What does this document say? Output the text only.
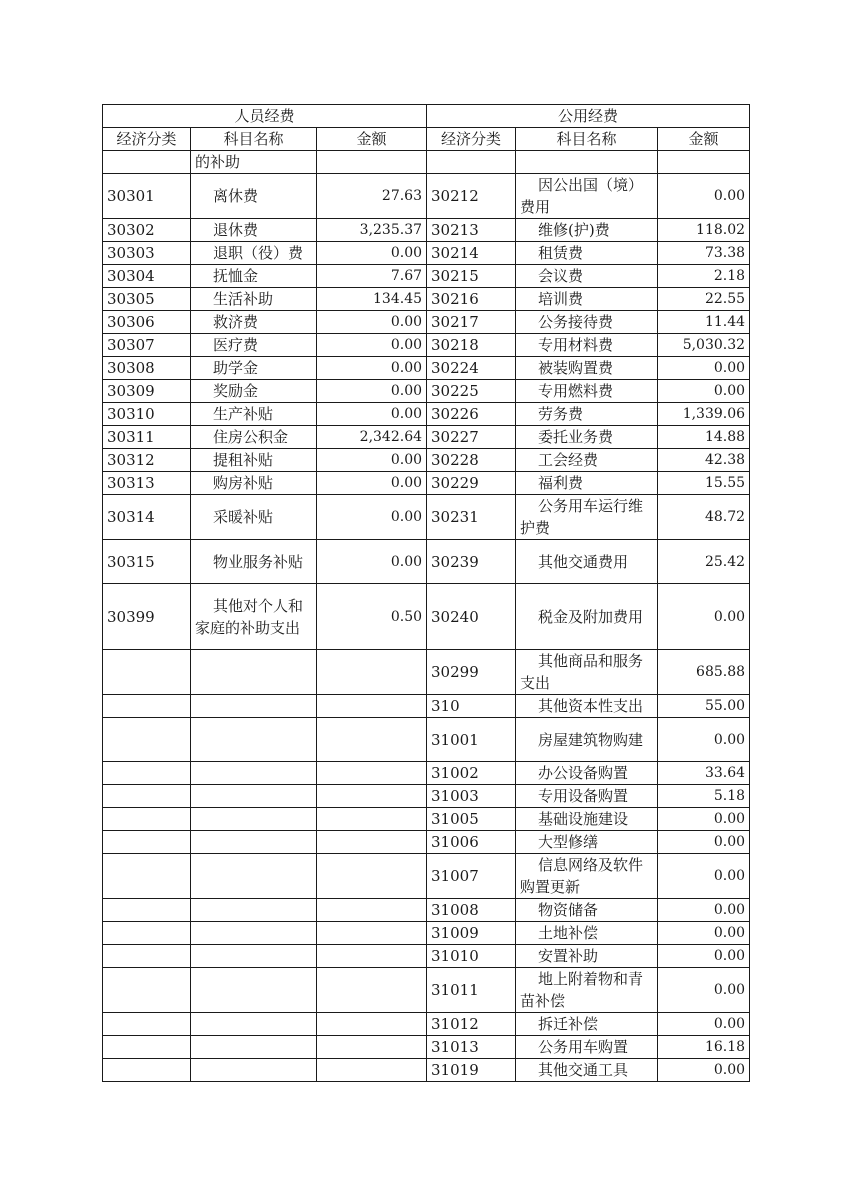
人员经费			公用经费		
经济分类	科目名称	金额	经济分类	科目名称	金额
	的补助				
30301	离休费	27.63	30212	因公出国（境）费用	0.00
30302	退休费	3,235.37	30213	维修(护)费	118.02
30303	退职（役）费	0.00	30214	租赁费	73.38
30304	抚恤金	7.67	30215	会议费	2.18
30305	生活补助	134.45	30216	培训费	22.55
30306	救济费	0.00	30217	公务接待费	11.44
30307	医疗费	0.00	30218	专用材料费	5,030.32
30308	助学金	0.00	30224	被装购置费	0.00
30309	奖励金	0.00	30225	专用燃料费	0.00
30310	生产补贴	0.00	30226	劳务费	1,339.06
30311	住房公积金	2,342.64	30227	委托业务费	14.88
30312	提租补贴	0.00	30228	工会经费	42.38
30313	购房补贴	0.00	30229	福利费	15.55
30314	采暖补贴	0.00	30231	公务用车运行维护费	48.72
30315	物业服务补贴	0.00	30239	其他交通费用	25.42
30399	其他对个人和家庭的补助支出	0.50	30240	税金及附加费用	0.00
			30299	其他商品和服务支出	685.88
			310	其他资本性支出	55.00
			31001	房屋建筑物购建	0.00
			31002	办公设备购置	33.64
			31003	专用设备购置	5.18
			31005	基础设施建设	0.00
			31006	大型修缮	0.00
			31007	信息网络及软件购置更新	0.00
			31008	物资储备	0.00
			31009	土地补偿	0.00
			31010	安置补助	0.00
			31011	地上附着物和青苗补偿	0.00
			31012	拆迁补偿	0.00
			31013	公务用车购置	16.18
			31019	其他交通工具	0.00
